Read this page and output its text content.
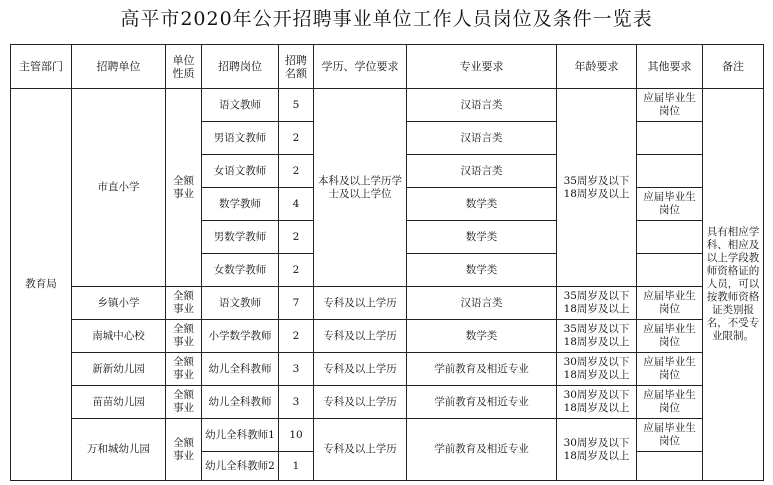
高平市2020年公开招聘事业单位工作人员岗位及条件一览表
主管部门	招聘单位	单位性质	招聘岗位	招聘名额	学历、学位要求	专业要求	年龄要求	其他要求	备注
教育局	市直小学	全额事业	语文教师	5	本科及以上学历学士及以上学位	汉语言类	35周岁及以下18周岁及以上	应届毕业生岗位	具有相应学科、相应及以上学段教师资格证的人员，可以按教师资格证类别报名，不受专业限制。
			男语文教师	2		汉语言类			
			女语文教师	2		汉语言类			
			数学教师	4		数学类		应届毕业生岗位	
			男数学教师	2		数学类			
			女数学教师	2		数学类			
	乡镇小学	全额事业	语文教师	7	专科及以上学历	汉语言类	35周岁及以下18周岁及以上	应届毕业生岗位	
	南城中心校	全额事业	小学数学教师	2	专科及以上学历	数学类	35周岁及以下18周岁及以上	应届毕业生岗位	
	新新幼儿园	全额事业	幼儿全科教师	3	专科及以上学历	学前教育及相近专业	30周岁及以下18周岁及以上	应届毕业生岗位	
	苗苗幼儿园	全额事业	幼儿全科教师	3	专科及以上学历	学前教育及相近专业	30周岁及以下18周岁及以上	应届毕业生岗位	
	万和城幼儿园	全额事业	幼儿全科教师1	10	专科及以上学历	学前教育及相近专业	30周岁及以下18周岁及以上	应届毕业生岗位	
			幼儿全科教师2	1					
